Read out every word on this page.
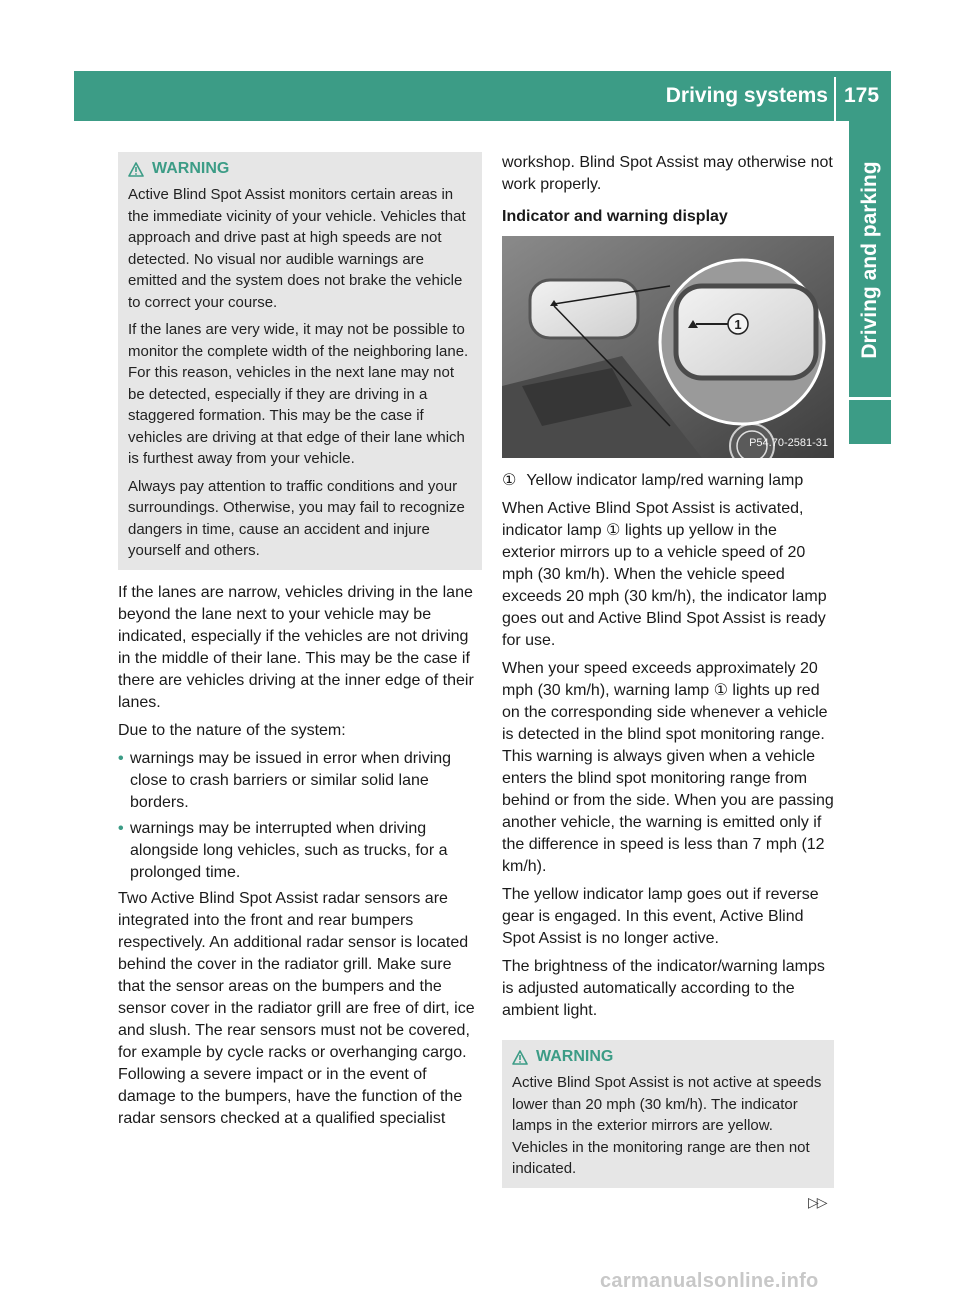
Driving systems 175
Driving and parking
WARNING

Active Blind Spot Assist monitors certain areas in the immediate vicinity of your vehicle. Vehicles that approach and drive past at high speeds are not detected. No visual nor audible warnings are emitted and the system does not brake the vehicle to correct your course.

If the lanes are very wide, it may not be possible to monitor the complete width of the neighboring lane. For this reason, vehicles in the next lane may not be detected, especially if they are driving in a staggered formation. This may be the case if vehicles are driving at that edge of their lane which is furthest away from your vehicle.

Always pay attention to traffic conditions and your surroundings. Otherwise, you may fail to recognize dangers in time, cause an accident and injure yourself and others.

If the lanes are narrow, vehicles driving in the lane beyond the lane next to your vehicle may be indicated, especially if the vehicles are not driving in the middle of their lane. This may be the case if there are vehicles driving at the inner edge of their lanes.

Due to the nature of the system:

• warnings may be issued in error when driving close to crash barriers or similar solid lane borders.
• warnings may be interrupted when driving alongside long vehicles, such as trucks, for a prolonged time.

Two Active Blind Spot Assist radar sensors are integrated into the front and rear bumpers respectively. An additional radar sensor is located behind the cover in the radiator grill. Make sure that the sensor areas on the bumpers and the sensor cover in the radiator grill are free of dirt, ice and slush. The rear sensors must not be covered, for example by cycle racks or overhanging cargo. Following a severe impact or in the event of damage to the bumpers, have the function of the radar sensors checked at a qualified specialist

workshop. Blind Spot Assist may otherwise not work properly.

Indicator and warning display
1
P54.70-2581-31
① Yellow indicator lamp/red warning lamp

When Active Blind Spot Assist is activated, indicator lamp ① lights up yellow in the exterior mirrors up to a vehicle speed of 20 mph (30 km/h). When the vehicle speed exceeds 20 mph (30 km/h), the indicator lamp goes out and Active Blind Spot Assist is ready for use.

When your speed exceeds approximately 20 mph (30 km/h), warning lamp ① lights up red on the corresponding side whenever a vehicle is detected in the blind spot monitoring range. This warning is always given when a vehicle enters the blind spot monitoring range from behind or from the side. When you are passing another vehicle, the warning is emitted only if the difference in speed is less than 7 mph (12 km/h).

The yellow indicator lamp goes out if reverse gear is engaged. In this event, Active Blind Spot Assist is no longer active.

The brightness of the indicator/warning lamps is adjusted automatically according to the ambient light.

WARNING

Active Blind Spot Assist is not active at speeds lower than 20 mph (30 km/h). The indicator lamps in the exterior mirrors are yellow. Vehicles in the monitoring range are then not indicated.

▷▷
carmanualsonline.info
